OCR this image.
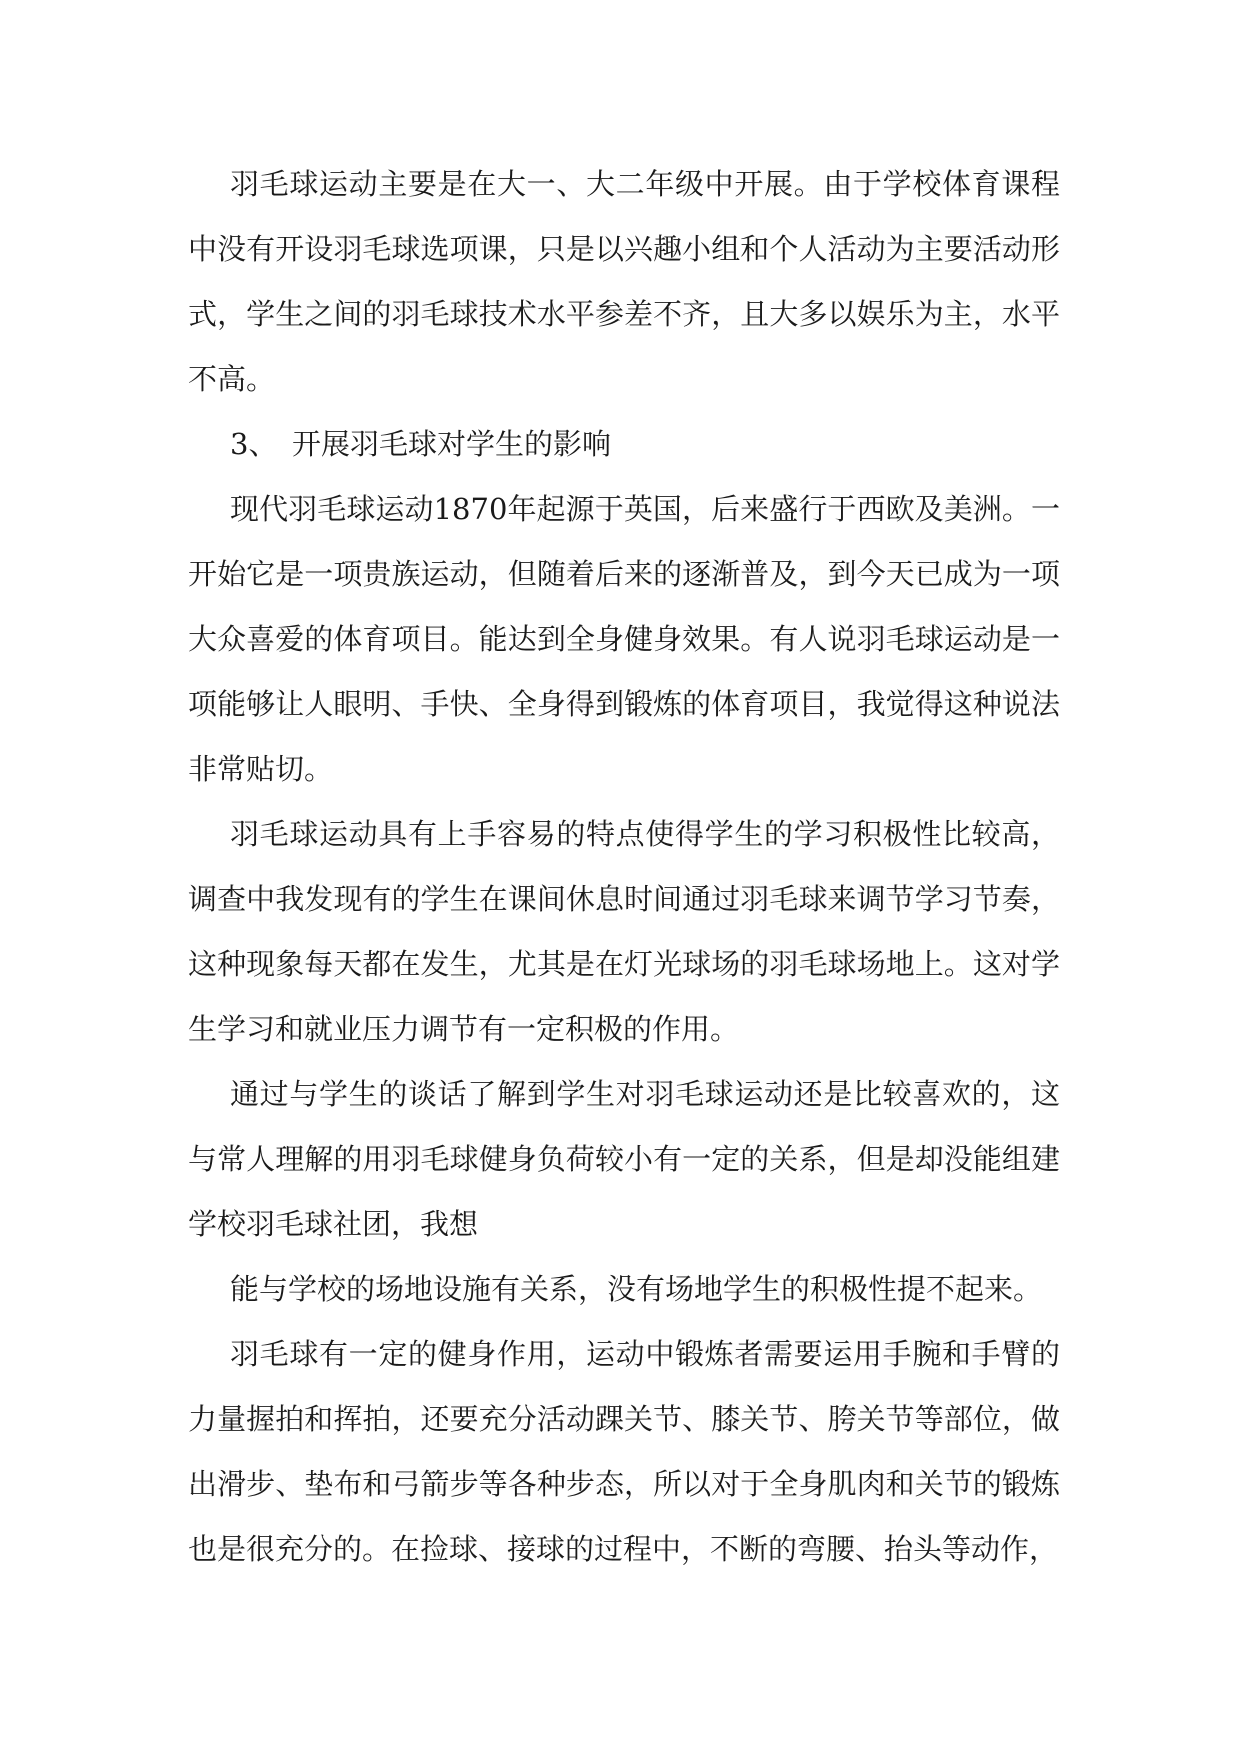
羽毛球运动主要是在大一、大二年级中开展。由于学校体育课程中没有开设羽毛球选项课，只是以兴趣小组和个人活动为主要活动形式，学生之间的羽毛球技术水平参差不齐，且大多以娱乐为主，水平不高。

3、　开展羽毛球对学生的影响

现代羽毛球运动1870年起源于英国，后来盛行于西欧及美洲。一开始它是一项贵族运动，但随着后来的逐渐普及，到今天已成为一项大众喜爱的体育项目。能达到全身健身效果。有人说羽毛球运动是一项能够让人眼明、手快、全身得到锻炼的体育项目，我觉得这种说法非常贴切。

羽毛球运动具有上手容易的特点使得学生的学习积极性比较高，调查中我发现有的学生在课间休息时间通过羽毛球来调节学习节奏，这种现象每天都在发生，尤其是在灯光球场的羽毛球场地上。这对学生学习和就业压力调节有一定积极的作用。

通过与学生的谈话了解到学生对羽毛球运动还是比较喜欢的，这与常人理解的用羽毛球健身负荷较小有一定的关系，但是却没能组建学校羽毛球社团，我想

能与学校的场地设施有关系，没有场地学生的积极性提不起来。

羽毛球有一定的健身作用，运动中锻炼者需要运用手腕和手臂的力量握拍和挥拍，还要充分活动踝关节、膝关节、胯关节等部位，做出滑步、垫布和弓箭步等各种步态，所以对于全身肌肉和关节的锻炼也是很充分的。在捡球、接球的过程中，不断的弯腰、抬头等动作，
